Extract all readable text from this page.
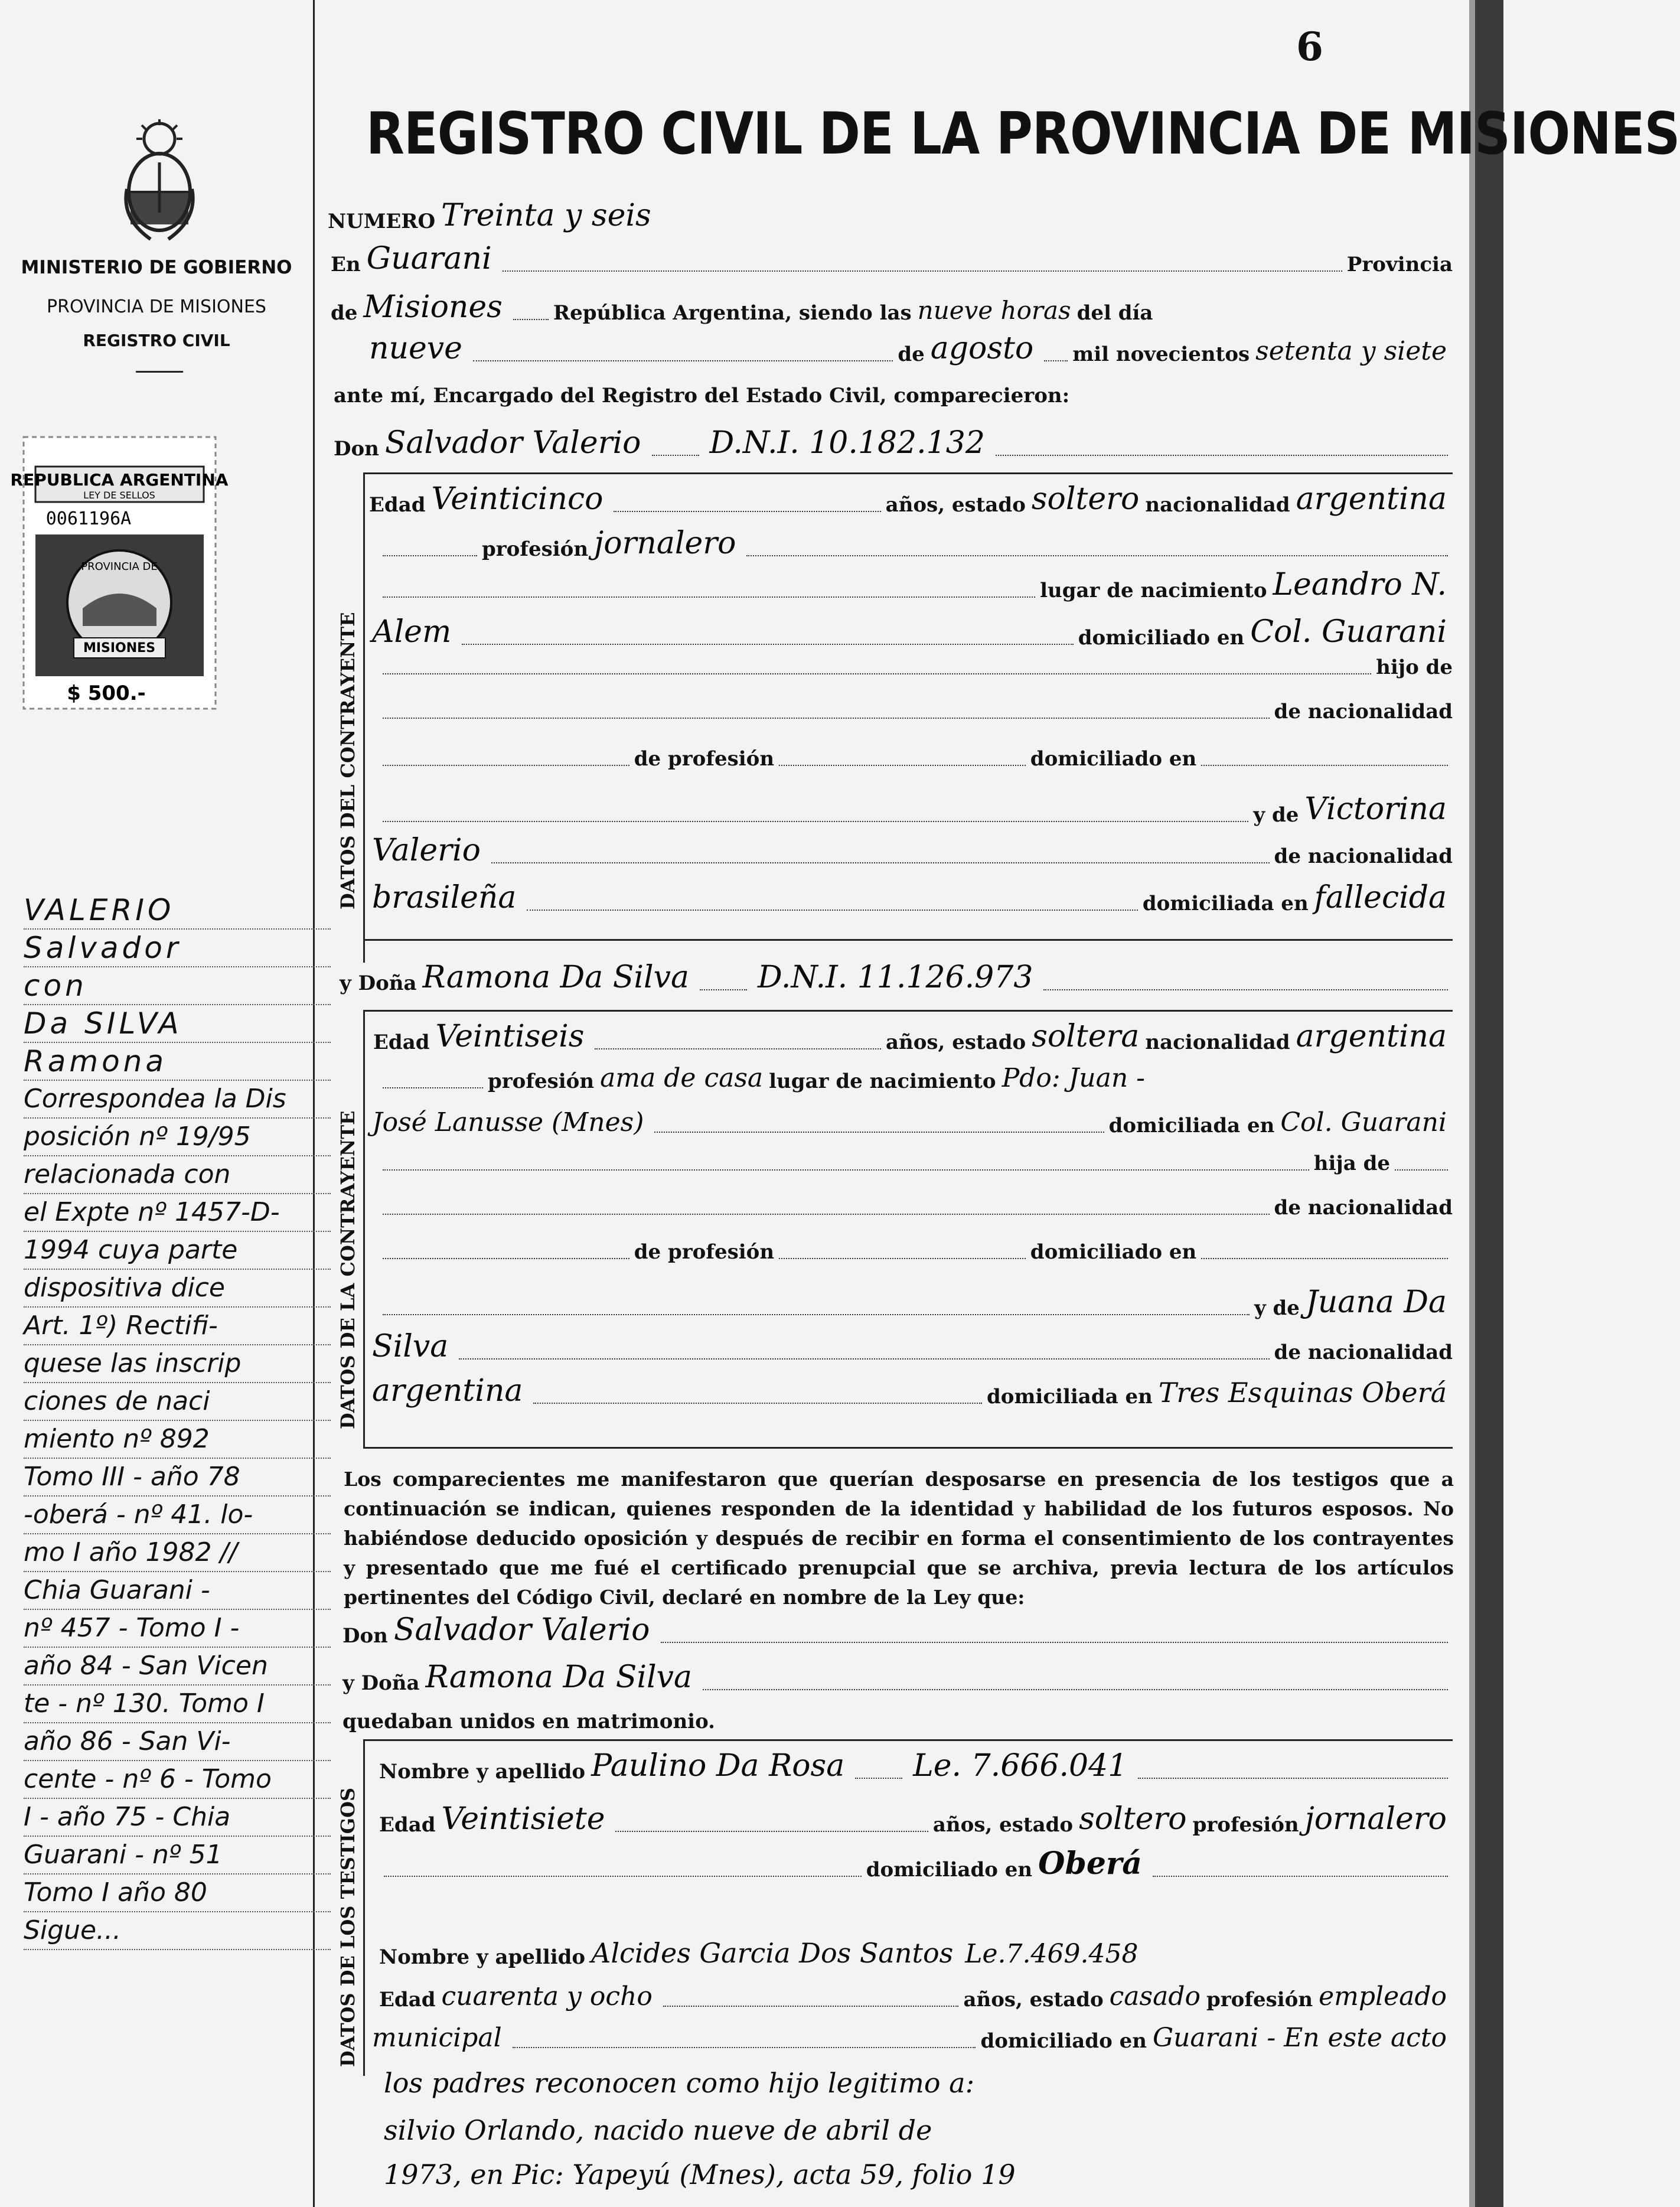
6
MINISTERIO DE GOBIERNO
PROVINCIA DE MISIONES
REGISTRO CIVIL
REPUBLICA ARGENTINA
LEY DE SELLOS
0061196A
PROVINCIA DE
MISIONES
$ 500.-
REGISTRO CIVIL DE LA PROVINCIA DE MISIONES
NUMERO Treinta y seis
En Guarani	Provincia
de Misiones	República Argentina, siendo las nueve horas del día
nueve	de agosto mil novecientos setenta y siete
ante mí, Encargado del Registro del Estado Civil, comparecieron:
Don Salvador Valerio D.N.I. 10.182.132
DATOS DEL CONTRAYENTE
Edad Veinticinco	años, estado soltero nacionalidad argentina
profesión jornalero
lugar de nacimiento Leandro N.
Alem	domiciliado en Col. Guarani
hijo de
de nacionalidad
de profesión	domiciliado en
y de Victorina
Valerio	de nacionalidad
brasileña	domiciliada en fallecida
y Doña Ramona Da Silva D.N.I. 11.126.973
DATOS DE LA CONTRAYENTE
Edad Veintiseis	años, estado soltera nacionalidad argentina
profesión ama de casa lugar de nacimiento Pdo: Juan -
José Lanusse (Mnes)	domiciliada en Col. Guarani
hija de
de nacionalidad
de profesión	domiciliado en
y de Juana Da
Silva	de nacionalidad
argentina	domiciliada en Tres Esquinas Oberá
Los comparecientes me manifestaron que querían desposarse en presencia de los testigos que a continuación se indican, quienes responden de la identidad y habilidad de los futuros esposos. No habiéndose deducido oposición y después de recibir en forma el consentimiento de los contrayentes y presentado que me fué el certificado prenupcial que se archiva, previa lectura de los artículos pertinentes del Código Civil, declaré en nombre de la Ley que:
Don Salvador Valerio
y Doña Ramona Da Silva
quedaban unidos en matrimonio.
DATOS DE LOS TESTIGOS
Nombre y apellido Paulino Da Rosa Le. 7.666.041
Edad Veintisiete	años, estado soltero profesión jornalero
domiciliado en Oberá
Nombre y apellido Alcides Garcia Dos Santos Le.7.469.458
Edad cuarenta y ocho	años, estado casado profesión empleado
municipal	domiciliado en Guarani - En este acto
los padres reconocen como hijo legitimo a:
silvio Orlando, nacido nueve de abril de
1973, en Pic: Yapeyú (Mnes), acta 59, folio 19
VALERIO
Salvador
con
Da SILVA
Ramona
Correspondea la Dis
posición nº 19/95
relacionada con
el Expte nº 1457-D-
1994 cuya parte
dispositiva dice
Art. 1º) Rectifi-
quese las inscrip
ciones de naci
miento nº 892
Tomo III - año 78
-oberá - nº 41. lo-
mo I año 1982 //
Chia Guarani -
nº 457 - Tomo I -
año 84 - San Vicen
te - nº 130. Tomo I
año 86 - San Vi-
cente - nº 6 - Tomo
I - año 75 - Chia
Guarani - nº 51
Tomo I año 80
Sigue...
